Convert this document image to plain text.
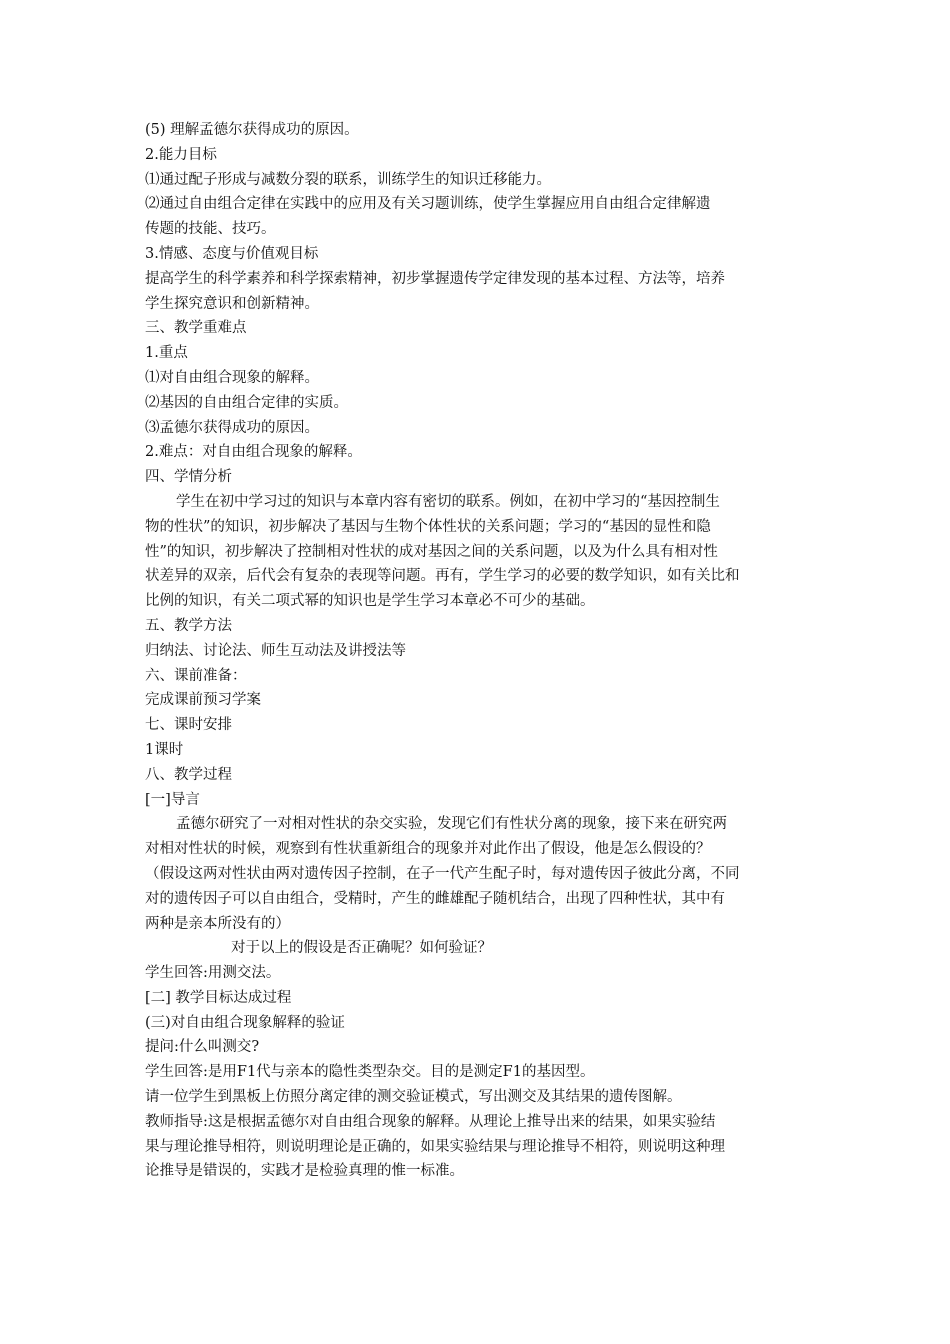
(5) 理解孟德尔获得成功的原因。
2.能力目标
⑴通过配子形成与减数分裂的联系，训练学生的知识迁移能力。
⑵通过自由组合定律在实践中的应用及有关习题训练，使学生掌握应用自由组合定律解遗
传题的技能、技巧。
3.情感、态度与价值观目标
提高学生的科学素养和科学探索精神，初步掌握遗传学定律发现的基本过程、方法等，培养
学生探究意识和创新精神。
三、教学重难点
1.重点
⑴对自由组合现象的解释。
⑵基因的自由组合定律的实质。
⑶孟德尔获得成功的原因。
2.难点：对自由组合现象的解释。
四、学情分析
学生在初中学习过的知识与本章内容有密切的联系。例如，在初中学习的“基因控制生
物的性状”的知识，初步解决了基因与生物个体性状的关系问题；学习的“基因的显性和隐
性”的知识，初步解决了控制相对性状的成对基因之间的关系问题，以及为什么具有相对性
状差异的双亲，后代会有复杂的表现等问题。再有，学生学习的必要的数学知识，如有关比和
比例的知识，有关二项式幂的知识也是学生学习本章必不可少的基础。
五、教学方法
归纳法、讨论法、师生互动法及讲授法等
六、课前准备：
完成课前预习学案
七、课时安排
1课时
八、教学过程
[一]导言
孟德尔研究了一对相对性状的杂交实验，发现它们有性状分离的现象，接下来在研究两
对相对性状的时候，观察到有性状重新组合的现象并对此作出了假设，他是怎么假设的？
（假设这两对性状由两对遗传因子控制，在子一代产生配子时，每对遗传因子彼此分离，不同
对的遗传因子可以自由组合，受精时，产生的雌雄配子随机结合，出现了四种性状，其中有
两种是亲本所没有的）
对于以上的假设是否正确呢？如何验证？
学生回答:用测交法。
[二] 教学目标达成过程
(三)对自由组合现象解释的验证
提问:什么叫测交?
学生回答:是用F1代与亲本的隐性类型杂交。目的是测定F1的基因型。
请一位学生到黑板上仿照分离定律的测交验证模式，写出测交及其结果的遗传图解。
教师指导:这是根据孟德尔对自由组合现象的解释。从理论上推导出来的结果，如果实验结
果与理论推导相符，则说明理论是正确的，如果实验结果与理论推导不相符，则说明这种理
论推导是错误的，实践才是检验真理的惟一标准。
